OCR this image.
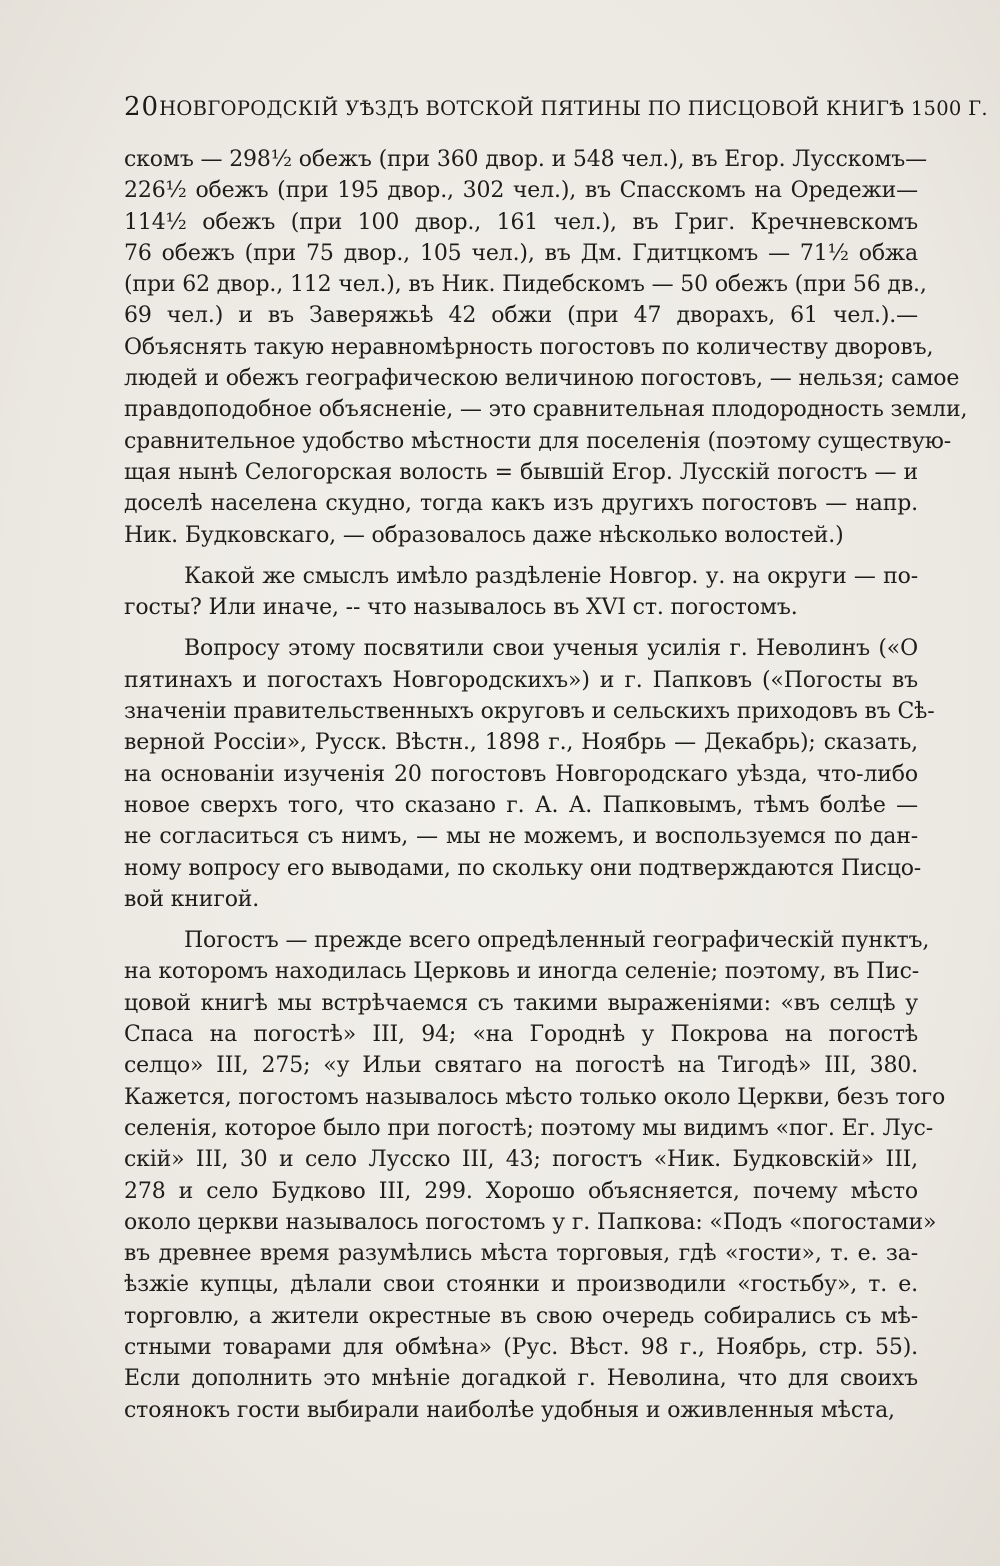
20 НОВГОРОДСКІЙ УѢЗДЪ ВОТСКОЙ ПЯТИНЫ ПО ПИСЦОВОЙ КНИГѢ 1500 Г.
скомъ — 298½ обежъ (при 360 двор. и 548 чел.), въ Егор. Лусскомъ—
226½ обежъ (при 195 двор., 302 чел.), въ Спасскомъ на Оредежи—
114½ обежъ (при 100 двор., 161 чел.), въ Григ. Кречневскомъ
76 обежъ (при 75 двор., 105 чел.), въ Дм. Гдитцкомъ — 71½ обжа
(при 62 двор., 112 чел.), въ Ник. Пидебскомъ — 50 обежъ (при 56 дв.,
69 чел.) и въ Заверяжьѣ 42 обжи (при 47 дворахъ, 61 чел.).—
Объяснять такую неравномѣрность погостовъ по количеству дворовъ,
людей и обежъ географическою величиною погостовъ, — нельзя; самое
правдоподобное объясненіе, — это сравнительная плодородность земли,
сравнительное удобство мѣстности для поселенія (поэтому существую-
щая нынѣ Селогорская волость = бывшій Егор. Лусскій погостъ — и
доселѣ населена скудно, тогда какъ изъ другихъ погостовъ — напр.
Ник. Будковскаго, — образовалось даже нѣсколько волостей.)
Какой же смыслъ имѣло раздѣленіе Новгор. у. на округи — по-
госты? Или иначе, -- что называлось въ XVI ст. погостомъ.
Вопросу этому посвятили свои ученыя усилія г. Неволинъ («О
пятинахъ и погостахъ Новгородскихъ») и г. Папковъ («Погосты въ
значеніи правительственныхъ округовъ и сельскихъ приходовъ въ Сѣ-
верной Россіи», Русск. Вѣстн., 1898 г., Ноябрь — Декабрь); сказать,
на основаніи изученія 20 погостовъ Новгородскаго уѣзда, что-либо
новое сверхъ того, что сказано г. А. А. Папковымъ, тѣмъ болѣе —
не согласиться съ нимъ, — мы не можемъ, и воспользуемся по дан-
ному вопросу его выводами, по скольку они подтверждаются Писцо-
вой книгой.
Погостъ — прежде всего опредѣленный географическій пунктъ,
на которомъ находилась Церковь и иногда селеніе; поэтому, въ Пис-
цовой книгѣ мы встрѣчаемся съ такими выраженіями: «въ селцѣ у
Спаса на погостѣ» III, 94; «на Городнѣ у Покрова на погостѣ
селцо» III, 275; «у Ильи святаго на погостѣ на Тигодѣ» III, 380.
Кажется, погостомъ называлось мѣсто только около Церкви, безъ того
селенія, которое было при погостѣ; поэтому мы видимъ «пог. Ег. Лус-
скій» III, 30 и село Лусско III, 43; погостъ «Ник. Будковскій» III,
278 и село Будково III, 299. Хорошо объясняется, почему мѣсто
около церкви называлось погостомъ у г. Папкова: «Подъ «погостами»
въ древнее время разумѣлись мѣста торговыя, гдѣ «гости», т. е. за-
ѣзжіе купцы, дѣлали свои стоянки и производили «гостьбу», т. е.
торговлю, а жители окрестные въ свою очередь собирались съ мѣ-
стными товарами для обмѣна» (Рус. Вѣст. 98 г., Ноябрь, стр. 55).
Если дополнить это мнѣніе догадкой г. Неволина, что для своихъ
стоянокъ гости выбирали наиболѣе удобныя и оживленныя мѣста,
